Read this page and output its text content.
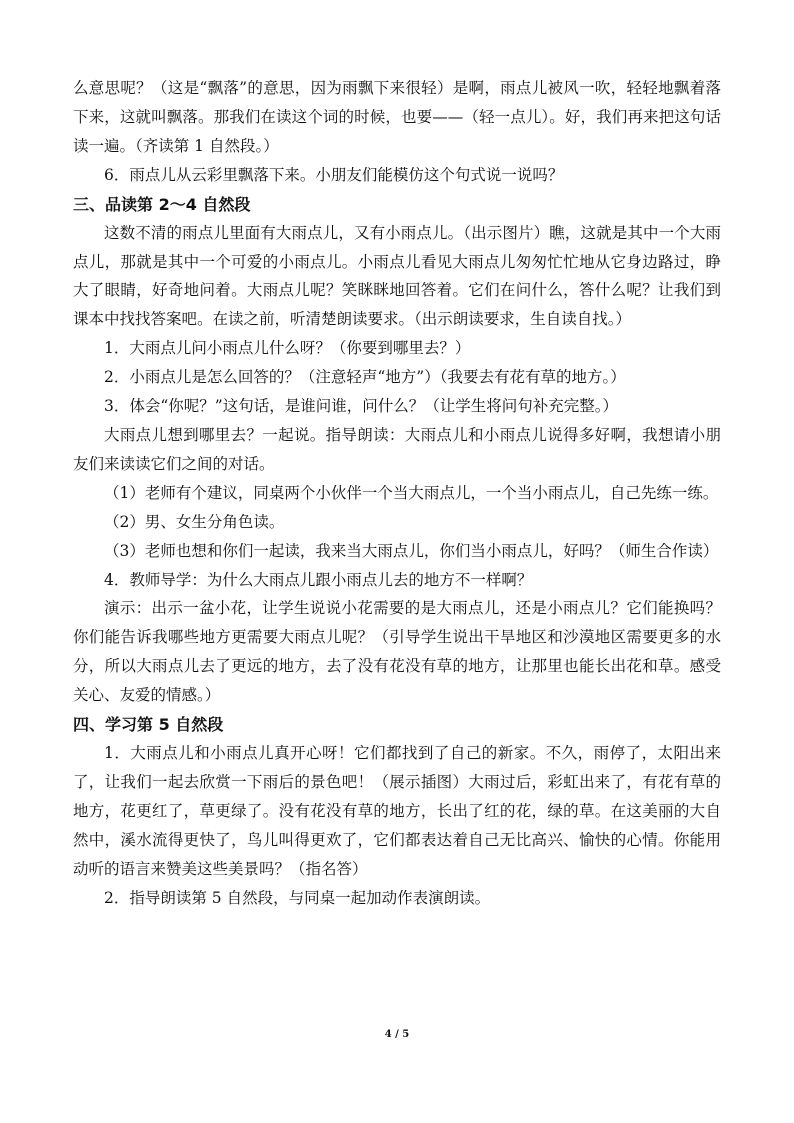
么意思呢？（这是“飘落”的意思，因为雨飘下来很轻）是啊，雨点儿被风一吹，轻轻地飘着落下来，这就叫飘落。那我们在读这个词的时候，也要——（轻一点儿）。好，我们再来把这句话读一遍。（齐读第 1 自然段。）

6．雨点儿从云彩里飘落下来。小朋友们能模仿这个句式说一说吗？

三、品读第 2～4 自然段

这数不清的雨点儿里面有大雨点儿，又有小雨点儿。（出示图片）瞧，这就是其中一个大雨点儿，那就是其中一个可爱的小雨点儿。小雨点儿看见大雨点儿匆匆忙忙地从它身边路过，睁大了眼睛，好奇地问着。大雨点儿呢？笑眯眯地回答着。它们在问什么，答什么呢？让我们到课本中找找答案吧。在读之前，听清楚朗读要求。（出示朗读要求，生自读自找。）

1．大雨点儿问小雨点儿什么呀？（你要到哪里去？）

2．小雨点儿是怎么回答的？（注意轻声“地方”）（我要去有花有草的地方。）

3．体会“你呢？”这句话，是谁问谁，问什么？（让学生将问句补充完整。）

大雨点儿想到哪里去？一起说。指导朗读：大雨点儿和小雨点儿说得多好啊，我想请小朋友们来读读它们之间的对话。

（1）老师有个建议，同桌两个小伙伴一个当大雨点儿，一个当小雨点儿，自己先练一练。

（2）男、女生分角色读。

（3）老师也想和你们一起读，我来当大雨点儿，你们当小雨点儿，好吗？（师生合作读）

4．教师导学：为什么大雨点儿跟小雨点儿去的地方不一样啊？

演示：出示一盆小花，让学生说说小花需要的是大雨点儿，还是小雨点儿？它们能换吗？你们能告诉我哪些地方更需要大雨点儿呢？（引导学生说出干旱地区和沙漠地区需要更多的水分，所以大雨点儿去了更远的地方，去了没有花没有草的地方，让那里也能长出花和草。感受关心、友爱的情感。）

四、学习第 5 自然段

1．大雨点儿和小雨点儿真开心呀！它们都找到了自己的新家。不久，雨停了，太阳出来了，让我们一起去欣赏一下雨后的景色吧！（展示插图）大雨过后，彩虹出来了，有花有草的地方，花更红了，草更绿了。没有花没有草的地方，长出了红的花，绿的草。在这美丽的大自然中，溪水流得更快了，鸟儿叫得更欢了，它们都表达着自己无比高兴、愉快的心情。你能用动听的语言来赞美这些美景吗？（指名答）

2．指导朗读第 5 自然段，与同桌一起加动作表演朗读。

4 / 5
